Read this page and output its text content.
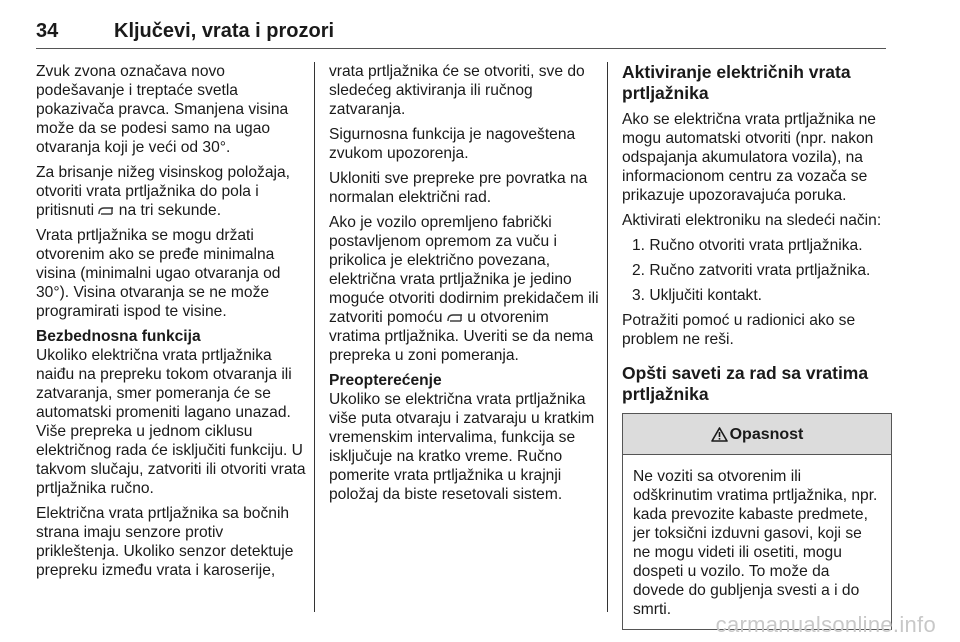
34	Ključevi, vrata i prozori

Zvuk zvona označava novo podešavanje i treptaće svetla pokazivača pravca. Smanjena visina može da se podesi samo na ugao otvaranja koji je veći od 30°.

Za brisanje nižeg visinskog položaja, otvoriti vrata prtljažnika do pola i pritisnuti na tri sekunde.

Vrata prtljažnika se mogu držati otvorenim ako se pređe minimalna visina (minimalni ugao otvaranja od 30°). Visina otvaranja se ne može programirati ispod te visine.

Bezbednosna funkcija

Ukoliko električna vrata prtljažnika naiđu na prepreku tokom otvaranja ili zatvaranja, smer pomeranja će se automatski promeniti lagano unazad. Više prepreka u jednom ciklusu električnog rada će isključiti funkciju. U takvom slučaju, zatvoriti ili otvoriti vrata prtljažnika ručno.

Električna vrata prtljažnika sa bočnih strana imaju senzore protiv prikleštenja. Ukoliko senzor detektuje prepreku između vrata i karoserije,

vrata prtljažnika će se otvoriti, sve do sledećeg aktiviranja ili ručnog zatvaranja.

Sigurnosna funkcija je nagoveštena zvukom upozorenja.

Ukloniti sve prepreke pre povratka na normalan električni rad.

Ako je vozilo opremljeno fabrički postavljenom opremom za vuču i prikolica je električno povezana, električna vrata prtljažnika je jedino moguće otvoriti dodirnim prekidačem ili zatvoriti pomoću u otvorenim vratima prtljažnika. Uveriti se da nema prepreka u zoni pomeranja.

Preopterećenje

Ukoliko se električna vrata prtljažnika više puta otvaraju i zatvaraju u kratkim vremenskim intervalima, funkcija se isključuje na kratko vreme. Ručno pomerite vrata prtljažnika u krajnji položaj da biste resetovali sistem.

Aktiviranje električnih vrata prtljažnika

Ako se električna vrata prtljažnika ne mogu automatski otvoriti (npr. nakon odspajanja akumulatora vozila), na informacionom centru za vozača se prikazuje upozoravajuća poruka.

Aktivirati elektroniku na sledeći način:

1. Ručno otvoriti vrata prtljažnika.
2. Ručno zatvoriti vrata prtljažnika.
3. Uključiti kontakt.

Potražiti pomoć u radionici ako se problem ne reši.

Opšti saveti za rad sa vratima prtljažnika

Opasnost
Ne voziti sa otvorenim ili odškrinutim vratima prtljažnika, npr. kada prevozite kabaste predmete, jer toksični izduvni gasovi, koji se ne mogu videti ili osetiti, mogu dospeti u vozilo. To može da dovede do gubljenja svesti a i do smrti.
carmanualsonline.info
